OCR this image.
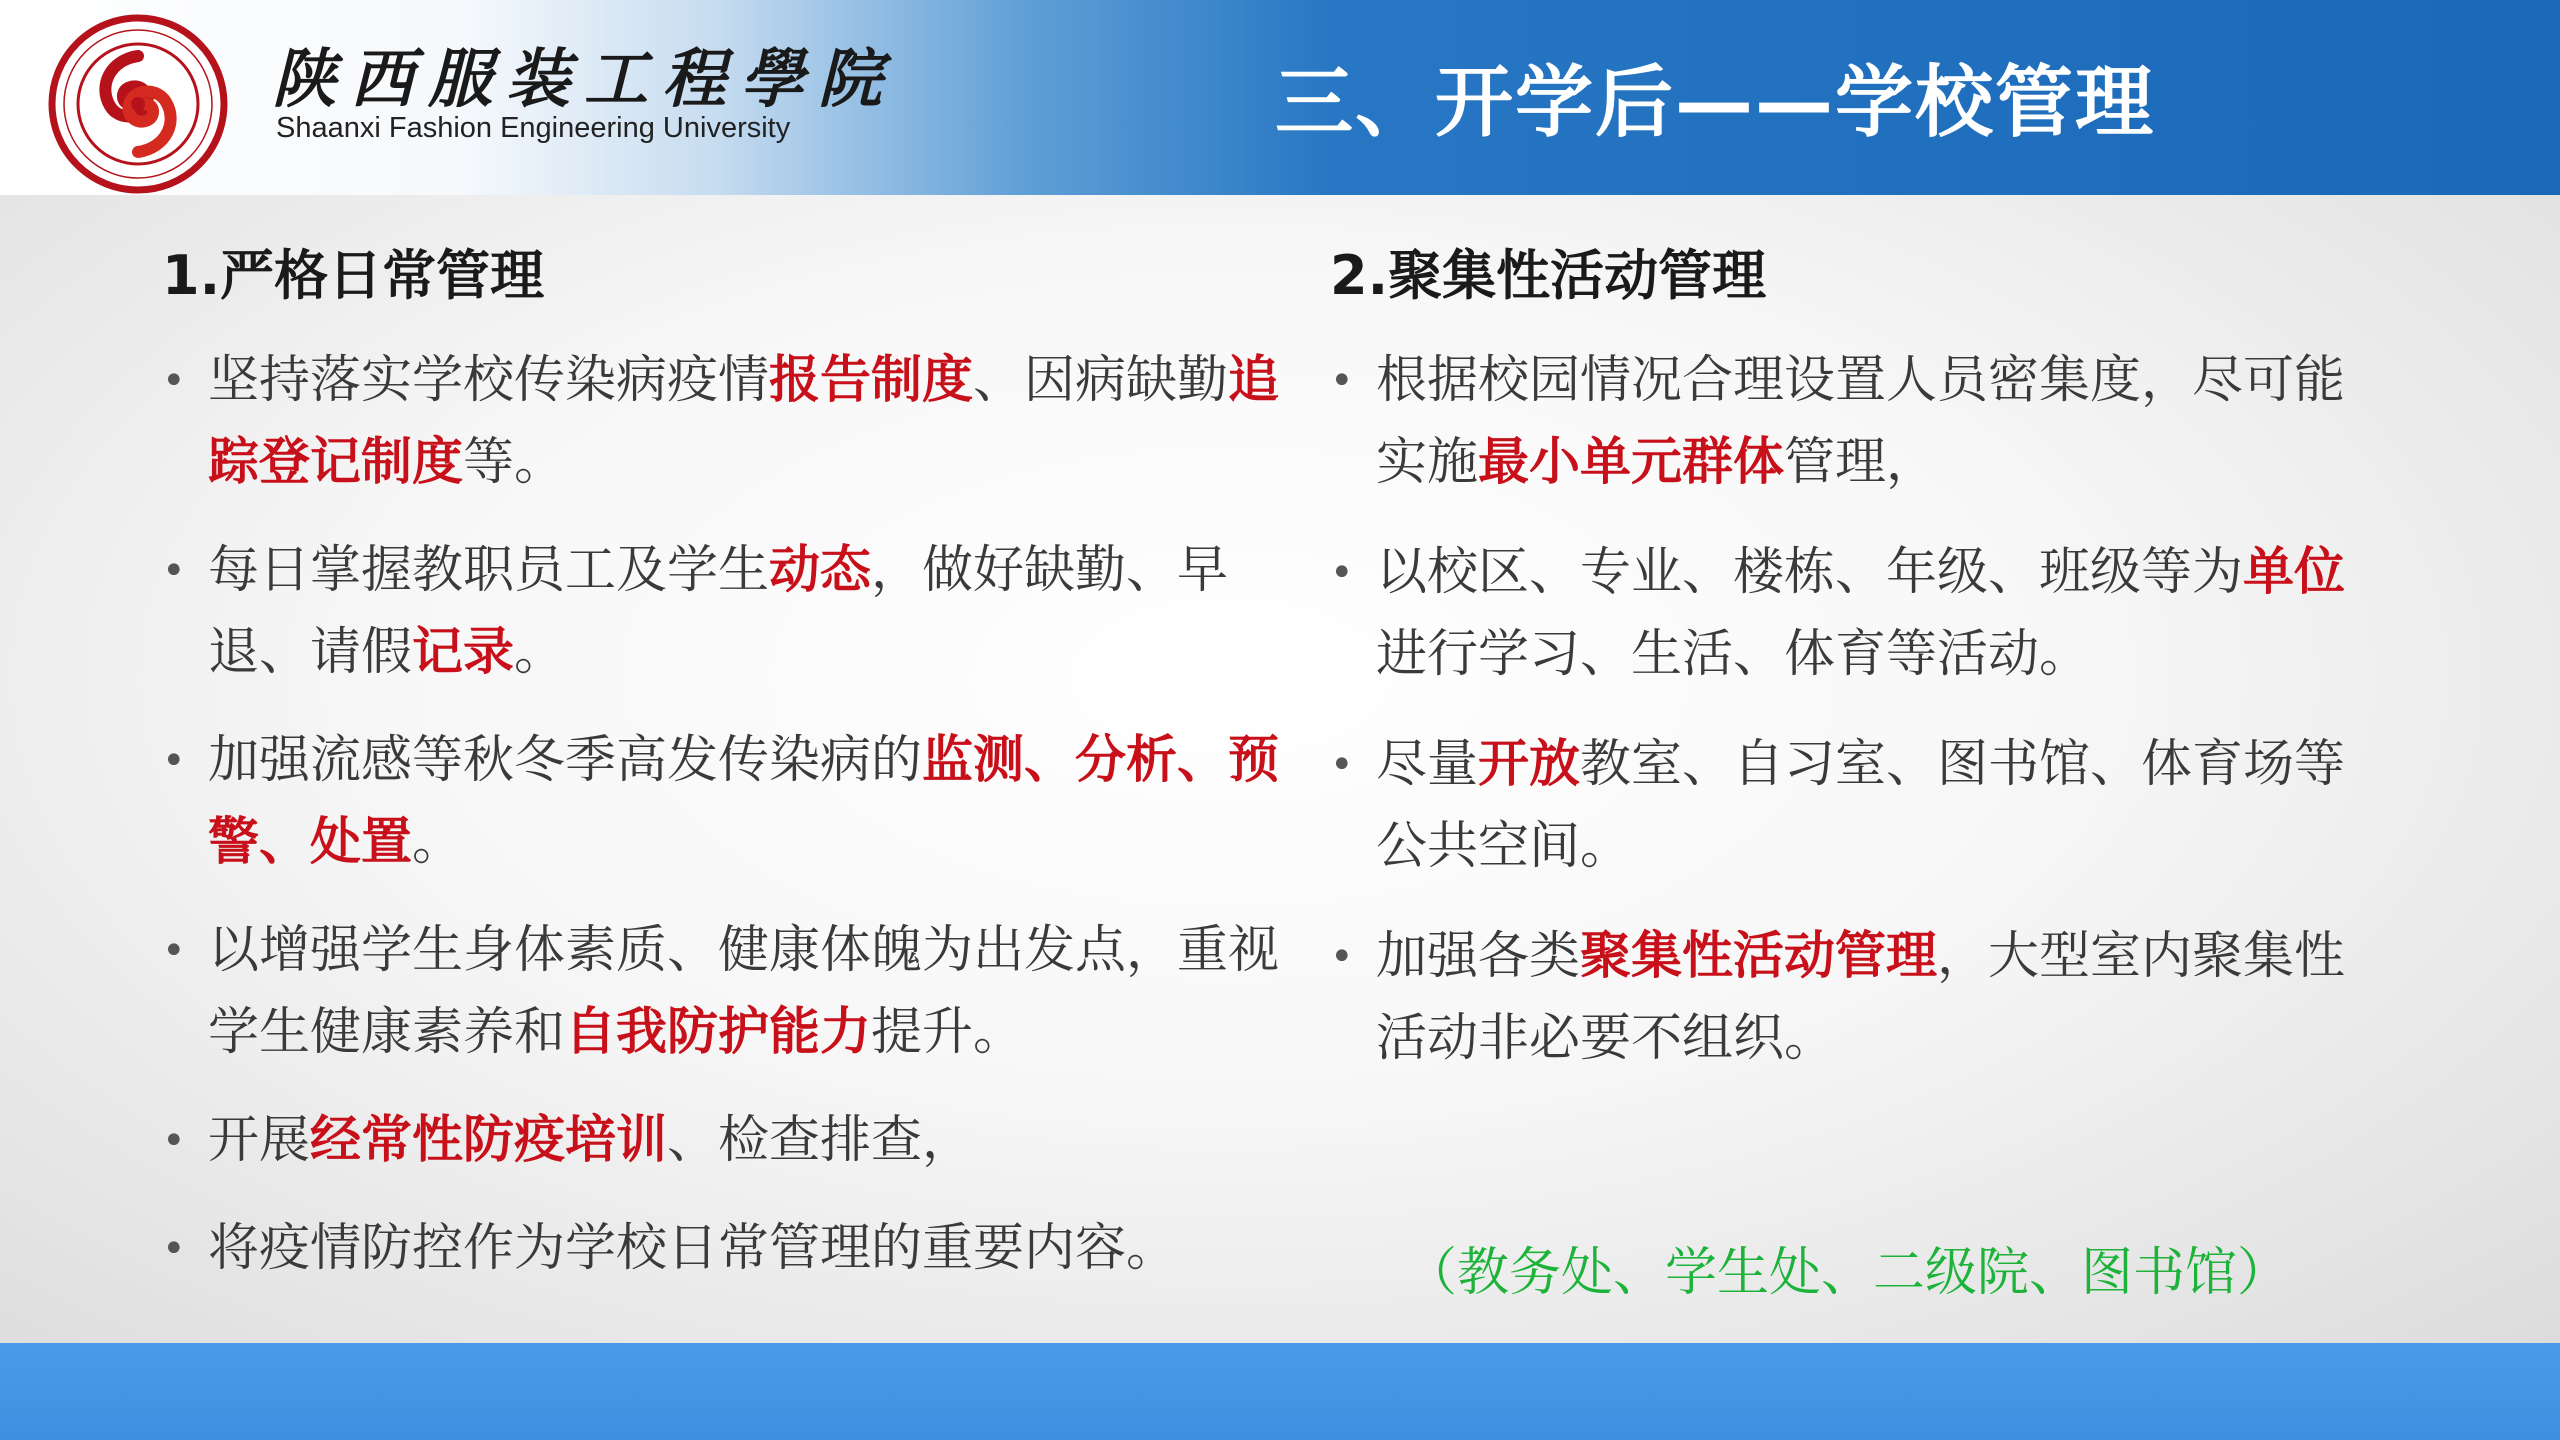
陕西服装工程學院
Shaanxi Fashion Engineering University	三、开学后——学校管理
1.严格日常管理
• 坚持落实学校传染病疫情报告制度、因病缺勤追踪登记制度等。
• 每日掌握教职员工及学生动态，做好缺勤、早退、请假记录。
• 加强流感等秋冬季高发传染病的监测、分析、预警、处置。
• 以增强学生身体素质、健康体魄为出发点，重视学生健康素养和自我防护能力提升。
• 开展经常性防疫培训、检查排查，
• 将疫情防控作为学校日常管理的重要内容。
2.聚集性活动管理
• 根据校园情况合理设置人员密集度，尽可能实施最小单元群体管理，
• 以校区、专业、楼栋、年级、班级等为单位进行学习、生活、体育等活动。
• 尽量开放教室、自习室、图书馆、体育场等公共空间。
• 加强各类聚集性活动管理，大型室内聚集性活动非必要不组织。
（教务处、学生处、二级院、图书馆）
